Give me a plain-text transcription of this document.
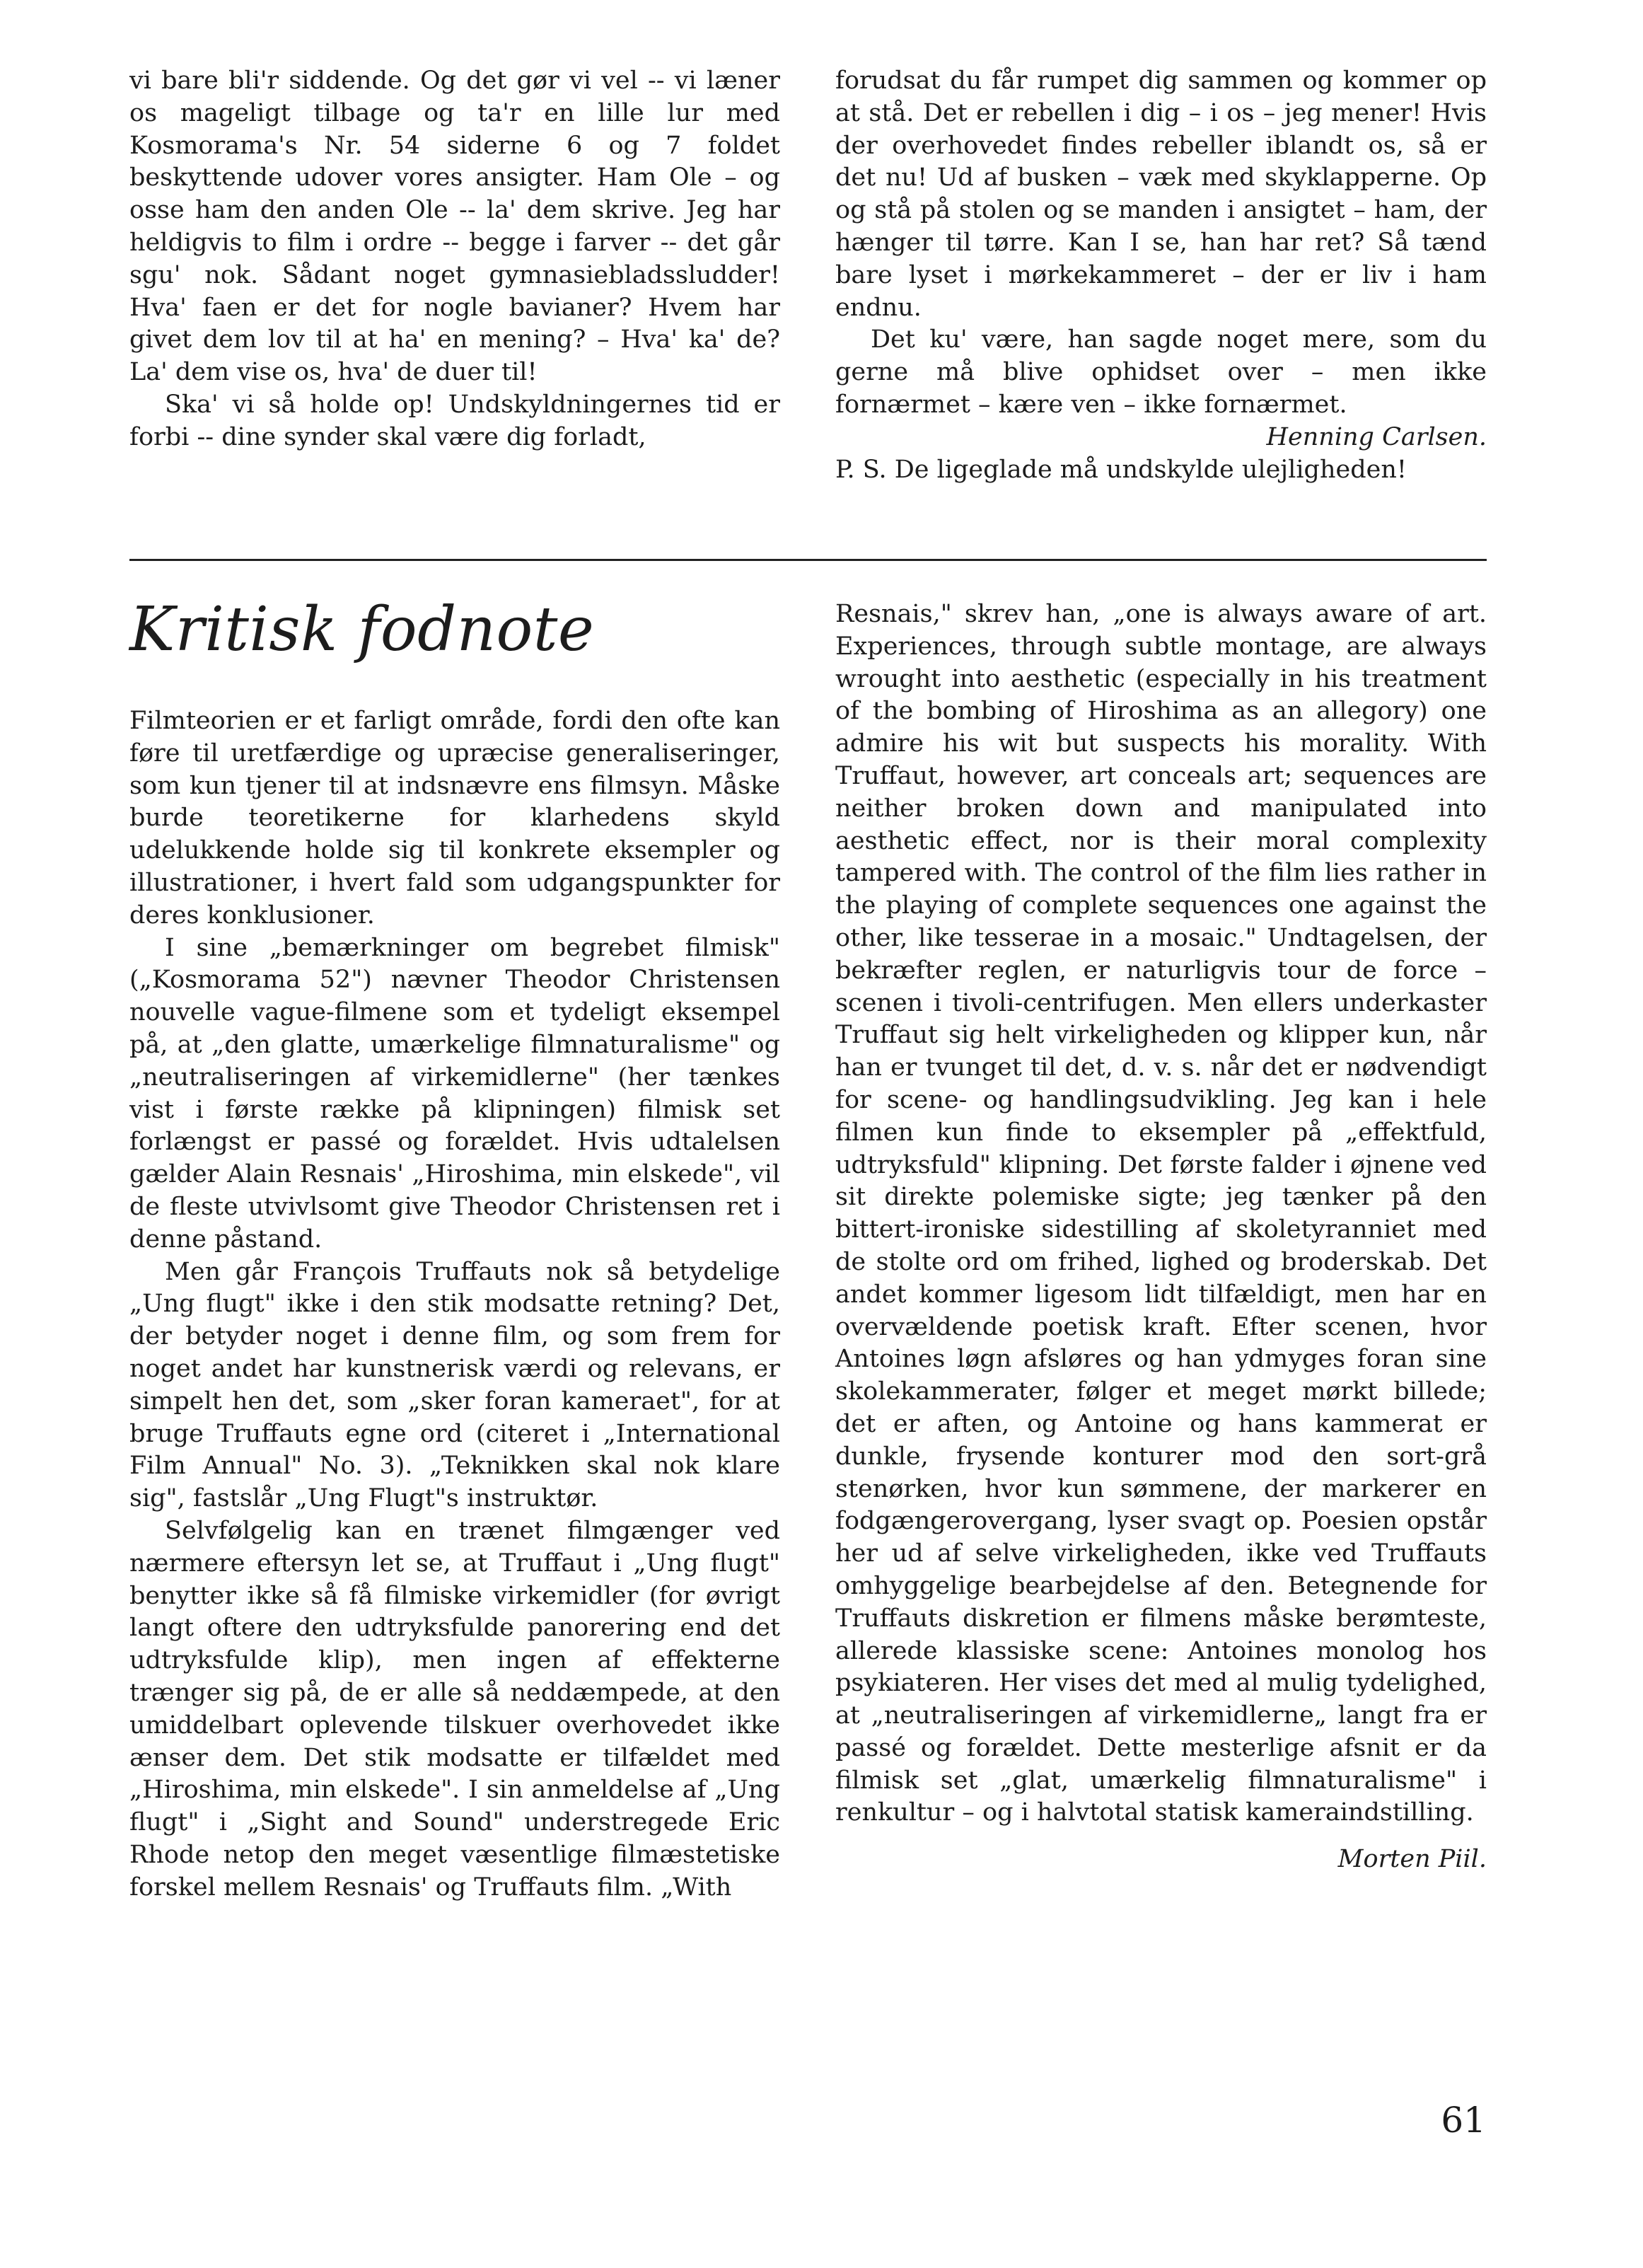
vi bare bli'r siddende. Og det gør vi vel -- vi læner os mageligt tilbage og ta'r en lille lur med Kosmorama's Nr. 54 siderne 6 og 7 foldet beskyttende udover vores ansigter. Ham Ole – og osse ham den anden Ole -- la' dem skrive. Jeg har heldigvis to film i ordre -- begge i farver -- det går sgu' nok. Sådant noget gymnasiebladssludder! Hva' faen er det for nogle bavianer? Hvem har givet dem lov til at ha' en mening? – Hva' ka' de? La' dem vise os, hva' de duer til!

Ska' vi så holde op! Undskyldningernes tid er forbi -- dine synder skal være dig forladt,

forudsat du får rumpet dig sammen og kommer op at stå. Det er rebellen i dig – i os – jeg mener! Hvis der overhovedet findes rebeller iblandt os, så er det nu! Ud af busken – væk med skyklapperne. Op og stå på stolen og se manden i ansigtet – ham, der hænger til tørre. Kan I se, han har ret? Så tænd bare lyset i mørkekammeret – der er liv i ham endnu.

Det ku' være, han sagde noget mere, som du gerne må blive ophidset over – men ikke fornærmet – kære ven – ikke fornærmet.

Henning Carlsen.

P. S. De ligeglade må undskylde ulejligheden!

Kritisk fodnote

Filmteorien er et farligt område, fordi den ofte kan føre til uretfærdige og upræcise generaliseringer, som kun tjener til at indsnævre ens filmsyn. Måske burde teoretikerne for klarhedens skyld udelukkende holde sig til konkrete eksempler og illustrationer, i hvert fald som udgangspunkter for deres konklusioner.

I sine „bemærkninger om begrebet filmisk" („Kosmorama 52") nævner Theodor Christensen nouvelle vague-filmene som et tydeligt eksempel på, at „den glatte, umærkelige filmnaturalisme" og „neutraliseringen af virkemidlerne" (her tænkes vist i første række på klipningen) filmisk set forlængst er passé og forældet. Hvis udtalelsen gælder Alain Resnais' „Hiroshima, min elskede", vil de fleste utvivlsomt give Theodor Christensen ret i denne påstand.

Men går François Truffauts nok så betydelige „Ung flugt" ikke i den stik modsatte retning? Det, der betyder noget i denne film, og som frem for noget andet har kunstnerisk værdi og relevans, er simpelt hen det, som „sker foran kameraet", for at bruge Truffauts egne ord (citeret i „International Film Annual" No. 3). „Teknikken skal nok klare sig", fastslår „Ung Flugt"s instruktør.

Selvfølgelig kan en trænet filmgænger ved nærmere eftersyn let se, at Truffaut i „Ung flugt" benytter ikke så få filmiske virkemidler (for øvrigt langt oftere den udtryksfulde panorering end det udtryksfulde klip), men ingen af effekterne trænger sig på, de er alle så neddæmpede, at den umiddelbart oplevende tilskuer overhovedet ikke ænser dem. Det stik modsatte er tilfældet med „Hiroshima, min elskede". I sin anmeldelse af „Ung flugt" i „Sight and Sound" understregede Eric Rhode netop den meget væsentlige filmæstetiske forskel mellem Resnais' og Truffauts film. „With

Resnais," skrev han, „one is always aware of art. Experiences, through subtle montage, are always wrought into aesthetic (especially in his treatment of the bombing of Hiroshima as an allegory) one admire his wit but suspects his morality. With Truffaut, however, art conceals art; sequences are neither broken down and manipulated into aesthetic effect, nor is their moral complexity tampered with. The control of the film lies rather in the playing of complete sequences one against the other, like tesserae in a mosaic." Undtagelsen, der bekræfter reglen, er naturligvis tour de force – scenen i tivoli-centrifugen. Men ellers underkaster Truffaut sig helt virkeligheden og klipper kun, når han er tvunget til det, d. v. s. når det er nødvendigt for scene- og handlingsudvikling. Jeg kan i hele filmen kun finde to eksempler på „effektfuld, udtryksfuld" klipning. Det første falder i øjnene ved sit direkte polemiske sigte; jeg tænker på den bittert-ironiske sidestilling af skoletyranniet med de stolte ord om frihed, lighed og broderskab. Det andet kommer ligesom lidt tilfældigt, men har en overvældende poetisk kraft. Efter scenen, hvor Antoines løgn afsløres og han ydmyges foran sine skolekammerater, følger et meget mørkt billede; det er aften, og Antoine og hans kammerat er dunkle, frysende konturer mod den sort-grå stenørken, hvor kun sømmene, der markerer en fodgængerovergang, lyser svagt op. Poesien opstår her ud af selve virkeligheden, ikke ved Truffauts omhyggelige bearbejdelse af den. Betegnende for Truffauts diskretion er filmens måske berømteste, allerede klassiske scene: Antoines monolog hos psykiateren. Her vises det med al mulig tydelighed, at „neutraliseringen af virkemidlerne„ langt fra er passé og forældet. Dette mesterlige afsnit er da filmisk set „glat, umærkelig filmnaturalisme" i renkultur – og i halvtotal statisk kameraindstilling.

Morten Piil.

61
